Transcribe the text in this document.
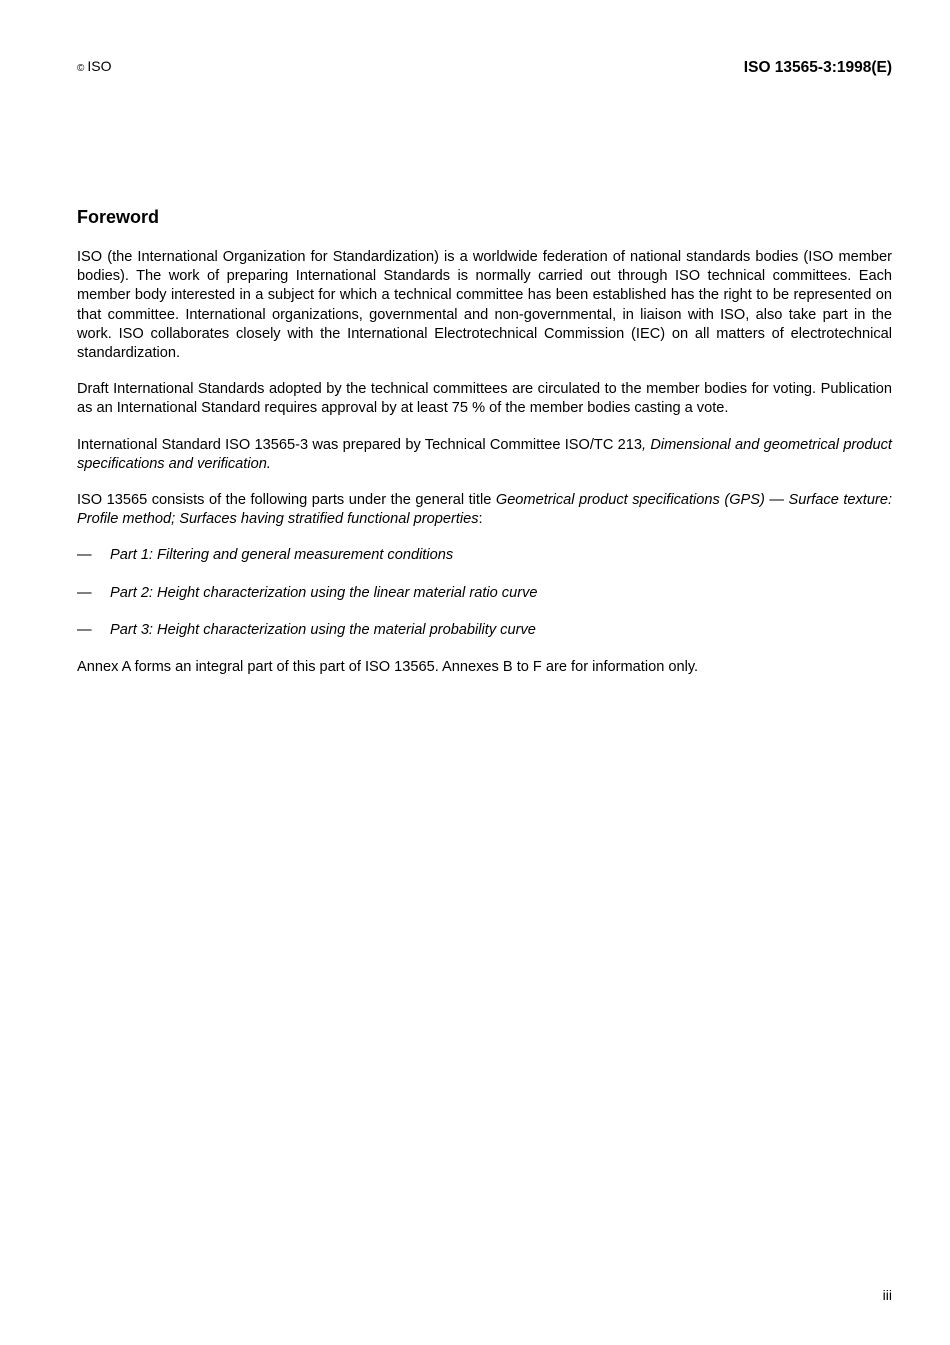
© ISO	ISO 13565-3:1998(E)
Foreword

ISO (the International Organization for Standardization) is a worldwide federation of national standards bodies (ISO member bodies). The work of preparing International Standards is normally carried out through ISO technical committees. Each member body interested in a subject for which a technical committee has been established has the right to be represented on that committee. International organizations, governmental and non-governmental, in liaison with ISO, also take part in the work. ISO collaborates closely with the International Electrotechnical Commission (IEC) on all matters of electrotechnical standardization.

Draft International Standards adopted by the technical committees are circulated to the member bodies for voting. Publication as an International Standard requires approval by at least 75 % of the member bodies casting a vote.

International Standard ISO 13565-3 was prepared by Technical Committee ISO/TC 213, Dimensional and geometrical product specifications and verification.

ISO 13565 consists of the following parts under the general title Geometrical product specifications (GPS) — Surface texture: Profile method; Surfaces having stratified functional properties:

— Part 1: Filtering and general measurement conditions
— Part 2: Height characterization using the linear material ratio curve
— Part 3: Height characterization using the material probability curve

Annex A forms an integral part of this part of ISO 13565. Annexes B to F are for information only.

iii
